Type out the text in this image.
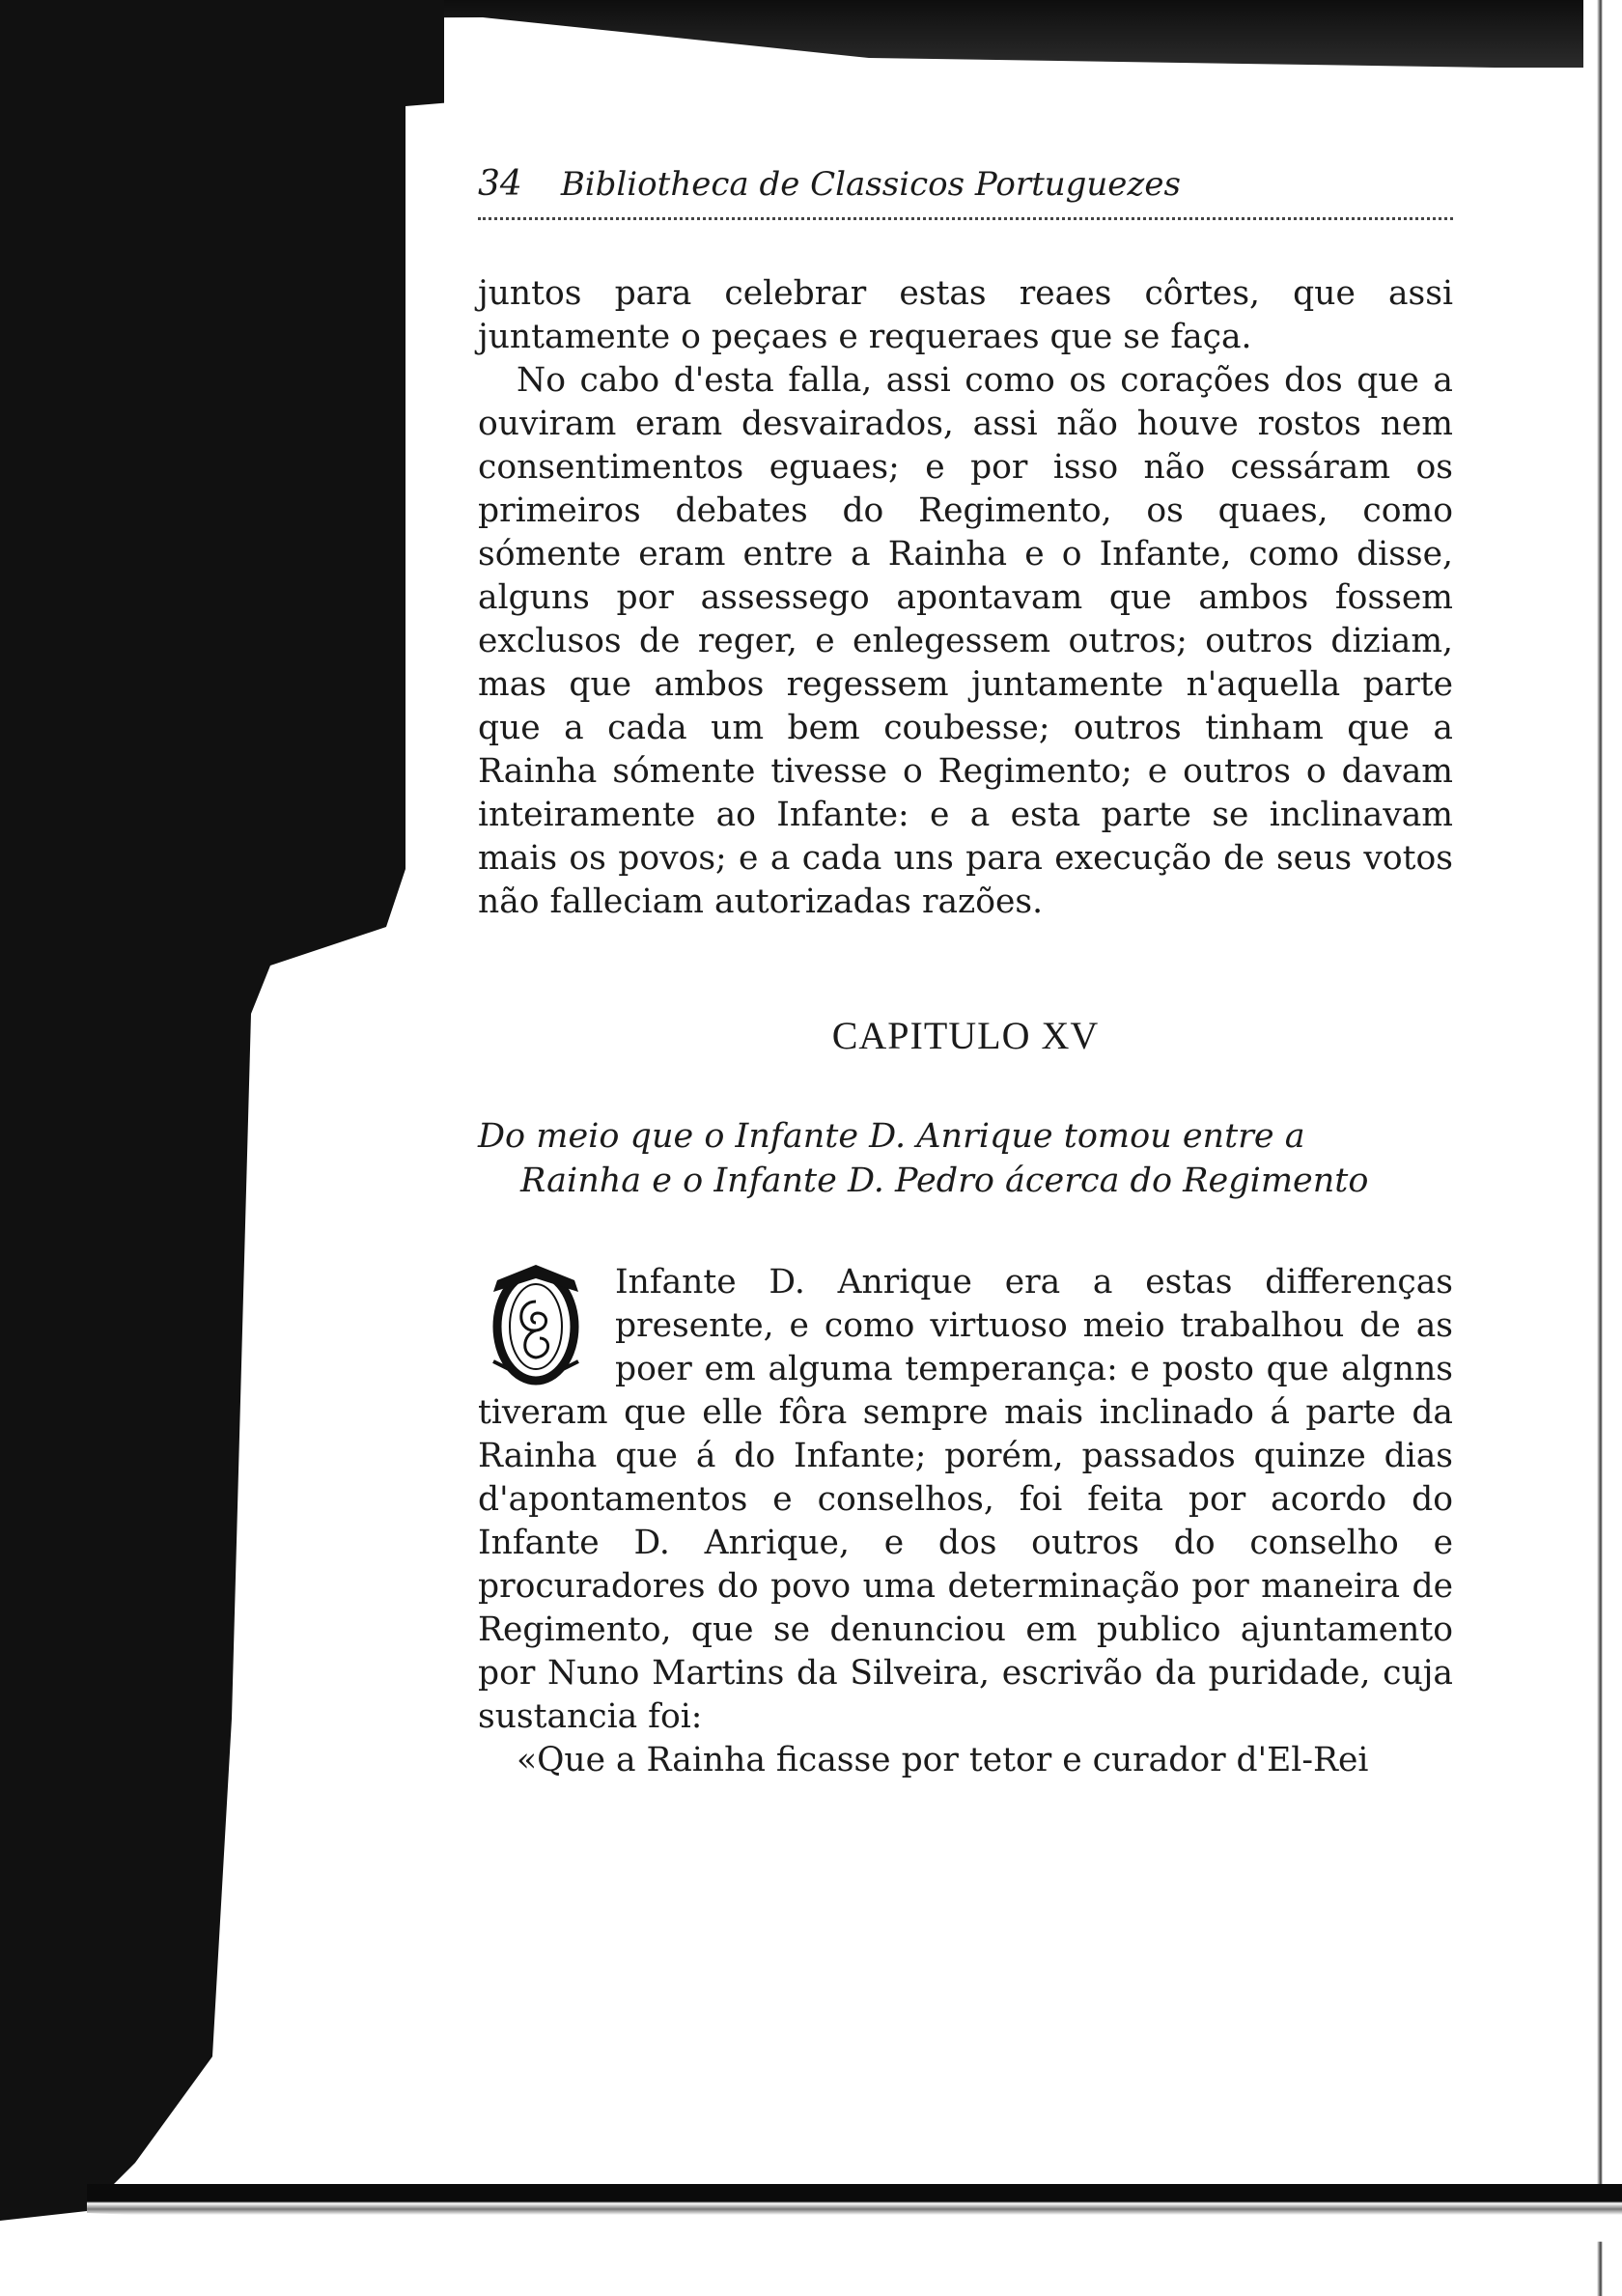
34 Bibliotheca de Classicos Portuguezes

juntos para celebrar estas reaes côrtes, que assi juntamente o peçaes e requeraes que se faça.

No cabo d'esta falla, assi como os corações dos que a ouviram eram desvairados, assi não houve rostos nem consentimentos eguaes; e por isso não cessáram os primeiros debates do Regimento, os quaes, como sómente eram entre a Rainha e o Infante, como disse, alguns por assessego apontavam que ambos fossem exclusos de reger, e enlegessem outros; outros diziam, mas que ambos regessem juntamente n'aquella parte que a cada um bem coubesse; outros tinham que a Rainha sómente tivesse o Regimento; e outros o davam inteiramente ao Infante: e a esta parte se inclinavam mais os povos; e a cada uns para execução de seus votos não falleciam autorizadas razões.

CAPITULO XV
Do meio que o Infante D. Anrique tomou entre a
Rainha e o Infante D. Pedro ácerca do Regimento

Infante D. Anrique era a estas differenças presente, e como virtuoso meio trabalhou de as poer em alguma temperança: e posto que algnns tiveram que elle fôra sempre mais inclinado á parte da Rainha que á do Infante; porém, passados quinze dias d'apontamentos e conselhos, foi feita por acordo do Infante D. Anrique, e dos outros do conselho e procuradores do povo uma determinação por maneira de Regimento, que se denunciou em publico ajuntamento por Nuno Martins da Silveira, escrivão da puridade, cuja sustancia foi:

«Que a Rainha ficasse por tetor e curador d'El-Rei
